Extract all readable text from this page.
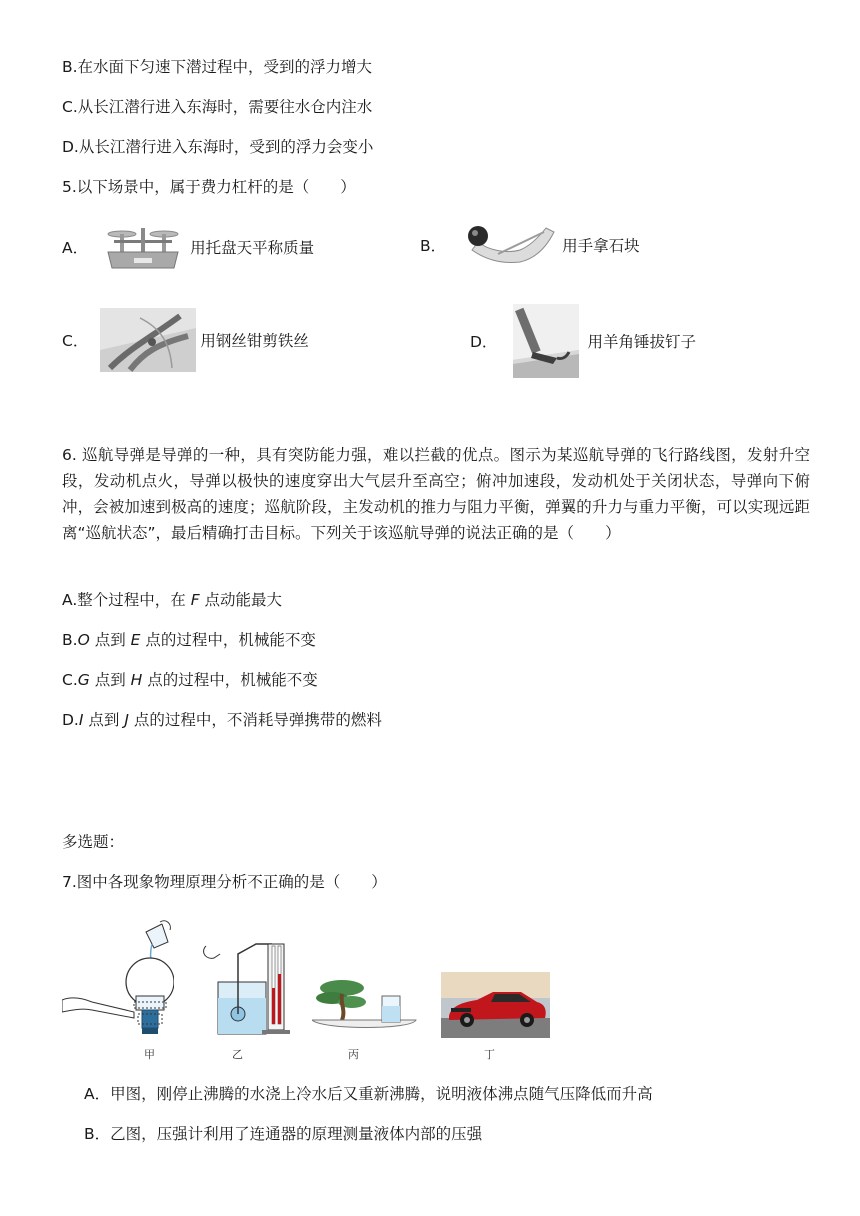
B.在水面下匀速下潜过程中，受到的浮力增大
C.从长江潜行进入东海时，需要往水仓内注水
D.从长江潜行进入东海时，受到的浮力会变小
5.以下场景中，属于费力杠杆的是（　　）
A．	用托盘天平称质量	B．	用手拿石块
C．	用钢丝钳剪铁丝	D．	用羊角锤拔钉子
6. 巡航导弹是导弹的一种，具有突防能力强，难以拦截的优点。图示为某巡航导弹的飞行路线图，发射升空段，发动机点火，导弹以极快的速度穿出大气层升至高空；俯冲加速段，发动机处于关闭状态，导弹向下俯冲，会被加速到极高的速度；巡航阶段，主发动机的推力与阻力平衡，弹翼的升力与重力平衡，可以实现远距离“巡航状态”，最后精确打击目标。下列关于该巡航导弹的说法正确的是（　　）
A.整个过程中，在 F 点动能最大
B.O 点到 E 点的过程中，机械能不变
C.G 点到 H 点的过程中，机械能不变
D.I 点到 J 点的过程中，不消耗导弹携带的燃料
多选题：
7.图中各现象物理原理分析不正确的是（　　）
甲	乙	丙	丁
A．甲图，刚停止沸腾的水浇上冷水后又重新沸腾，说明液体沸点随气压降低而升高
B．乙图，压强计利用了连通器的原理测量液体内部的压强
